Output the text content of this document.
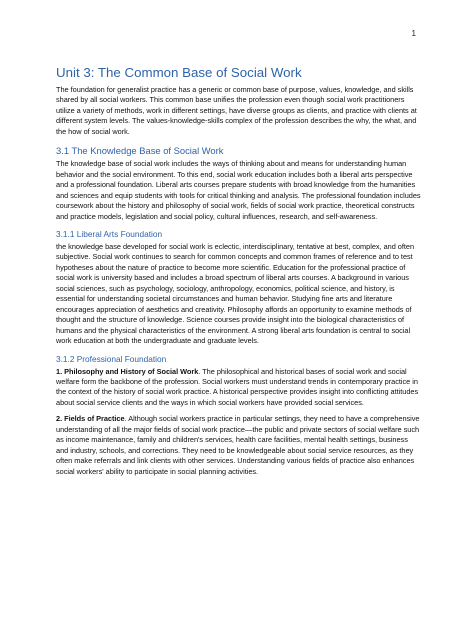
1
Unit 3: The Common Base of Social Work

The foundation for generalist practice has a generic or common base of purpose, values, knowledge, and skills shared by all social workers. This common base unifies the profession even though social work practitioners utilize a variety of methods, work in different settings, have diverse groups as clients, and practice with clients at different system levels. The values-knowledge-skills complex of the profession describes the why, the what, and the how of social work.

3.1 The Knowledge Base of Social Work

The knowledge base of social work includes the ways of thinking about and means for understanding human behavior and the social environment. To this end, social work education includes both a liberal arts perspective and a professional foundation. Liberal arts courses prepare students with broad knowledge from the humanities and sciences and equip students with tools for critical thinking and analysis. The professional foundation includes coursework about the history and philosophy of social work, fields of social work practice, theoretical constructs and practice models, legislation and social policy, cultural influences, research, and self-awareness.

3.1.1 Liberal Arts Foundation

the knowledge base developed for social work is eclectic, interdisciplinary, tentative at best, complex, and often subjective. Social work continues to search for common concepts and common frames of reference and to test hypotheses about the nature of practice to become more scientific. Education for the professional practice of social work is university based and includes a broad spectrum of liberal arts courses. A background in various social sciences, such as psychology, sociology, anthropology, economics, political science, and history, is essential for understanding societal circumstances and human behavior. Studying fine arts and literature encourages appreciation of aesthetics and creativity. Philosophy affords an opportunity to examine methods of thought and the structure of knowledge. Science courses provide insight into the biological characteristics of humans and the physical characteristics of the environment. A strong liberal arts foundation is central to social work education at both the undergraduate and graduate levels.

3.1.2 Professional Foundation

1. Philosophy and History of Social Work. The philosophical and historical bases of social work and social welfare form the backbone of the profession. Social workers must understand trends in contemporary practice in the context of the history of social work practice. A historical perspective provides insight into conflicting attitudes about social service clients and the ways in which social workers have provided social services.

2. Fields of Practice. Although social workers practice in particular settings, they need to have a comprehensive understanding of all the major fields of social work practice—the public and private sectors of social welfare such as income maintenance, family and children's services, health care facilities, mental health settings, business and industry, schools, and corrections. They need to be knowledgeable about social service resources, as they often make referrals and link clients with other services. Understanding various fields of practice also enhances social workers' ability to participate in social planning activities.
